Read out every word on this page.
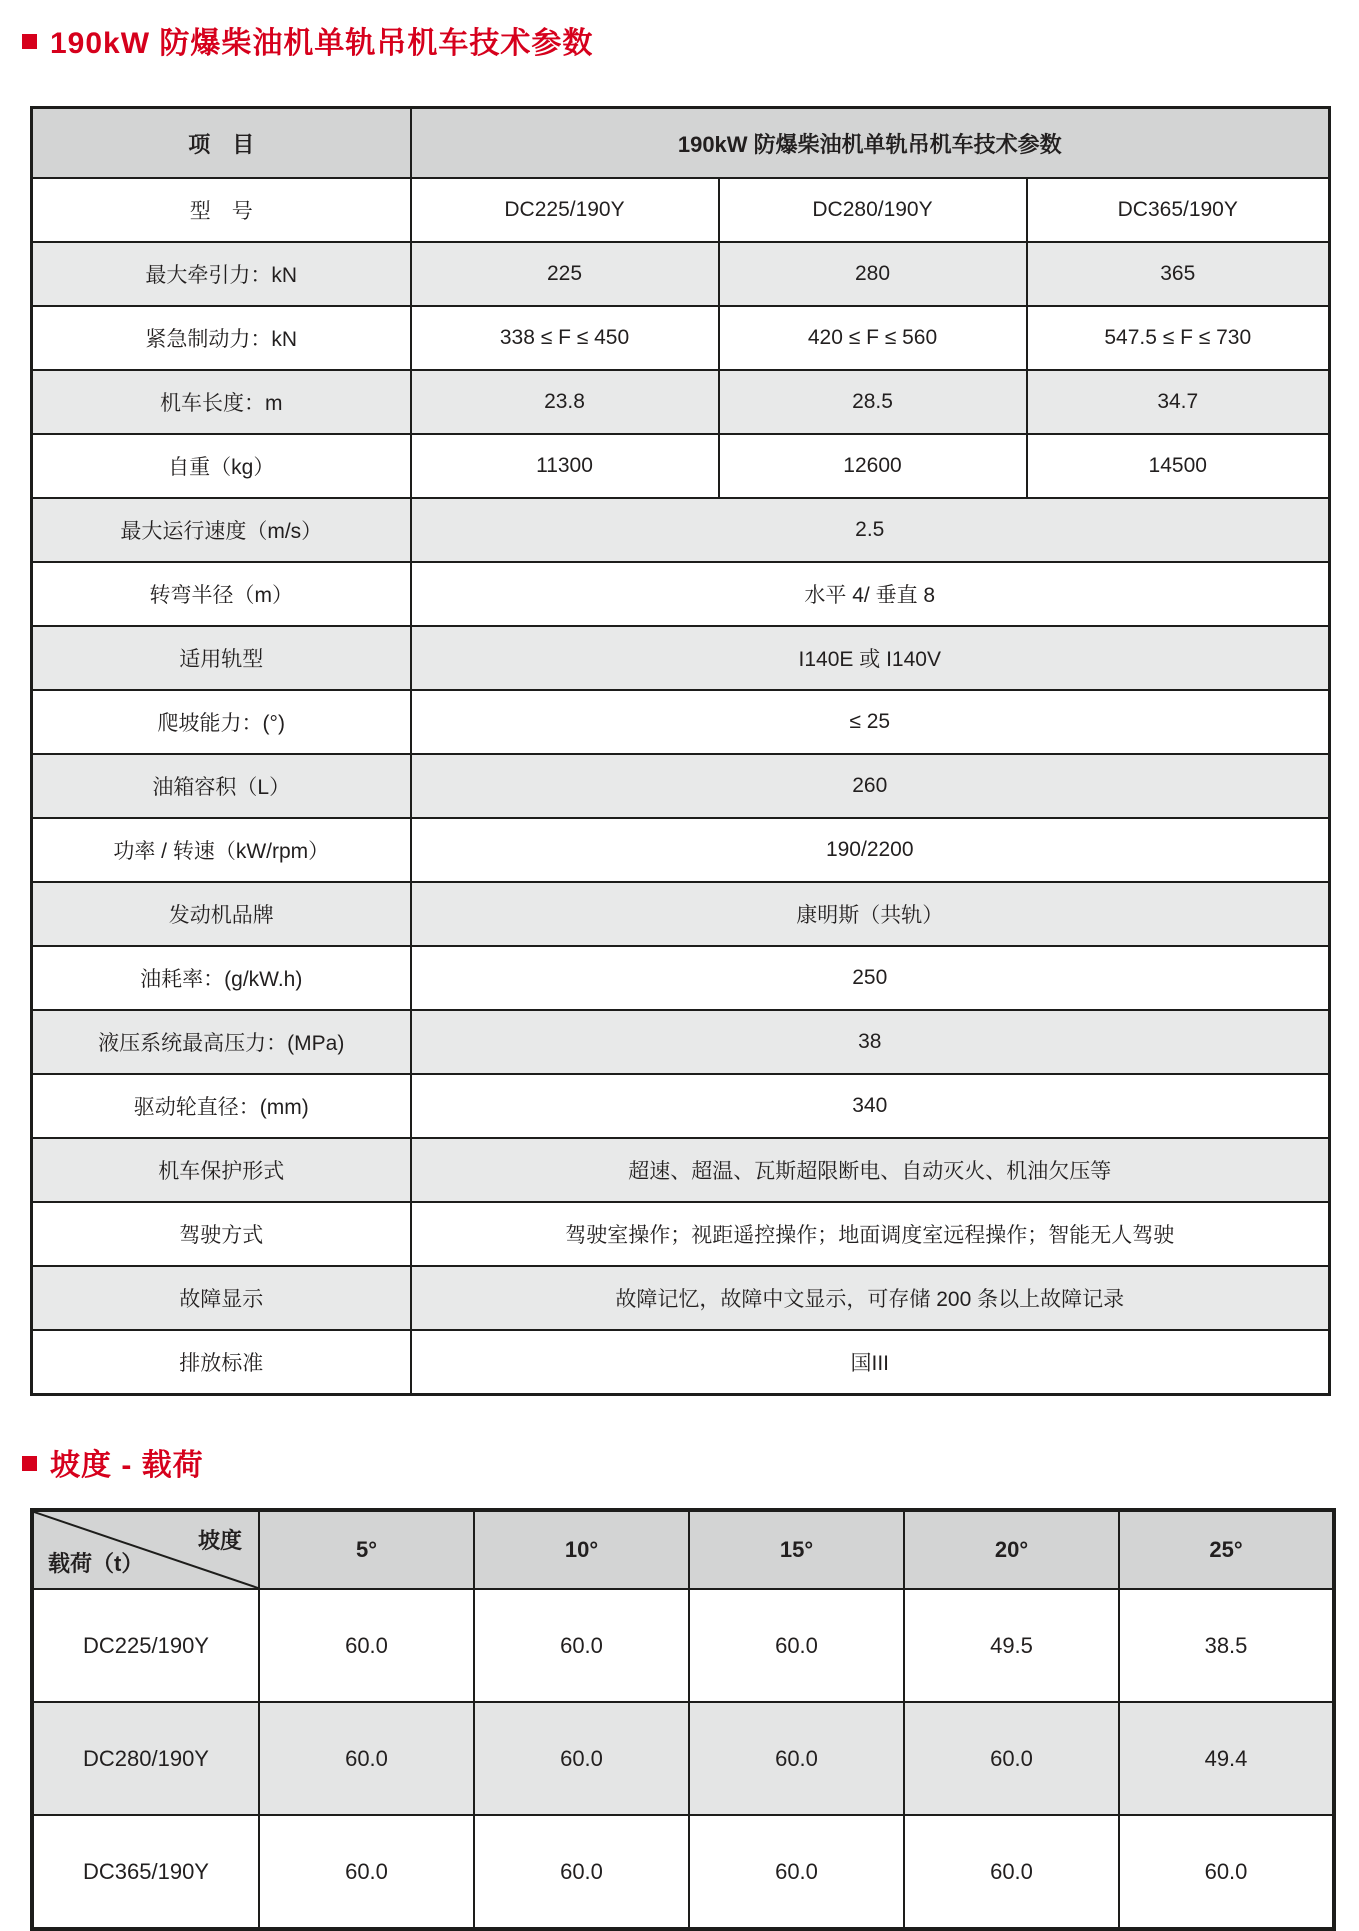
190kW 防爆柴油机单轨吊机车技术参数
项　目	190kW 防爆柴油机单轨吊机车技术参数		
型　号	DC225/190Y	DC280/190Y	DC365/190Y
最大牵引力：kN	225	280	365
紧急制动力：kN	338 ≤ F ≤ 450	420 ≤ F ≤ 560	547.5 ≤ F ≤ 730
机车长度：m	23.8	28.5	34.7
自重（kg）	11300	12600	14500
最大运行速度（m/s）	2.5		
转弯半径（m）	水平 4/ 垂直 8		
适用轨型	I140E 或 I140V		
爬坡能力：(°)	≤ 25		
油箱容积（L）	260		
功率 / 转速（kW/rpm）	190/2200		
发动机品牌	康明斯（共轨）		
油耗率：(g/kW.h)	250		
液压系统最高压力：(MPa)	38		
驱动轮直径：(mm)	340		
机车保护形式	超速、超温、瓦斯超限断电、自动灭火、机油欠压等		
驾驶方式	驾驶室操作；视距遥控操作；地面调度室远程操作；智能无人驾驶		
故障显示	故障记忆，故障中文显示，可存储 200 条以上故障记录		
排放标准	国III		
坡度 - 载荷
坡度
载荷（t）	5°	10°	15°	20°	25°
DC225/190Y	60.0	60.0	60.0	49.5	38.5
DC280/190Y	60.0	60.0	60.0	60.0	49.4
DC365/190Y	60.0	60.0	60.0	60.0	60.0
